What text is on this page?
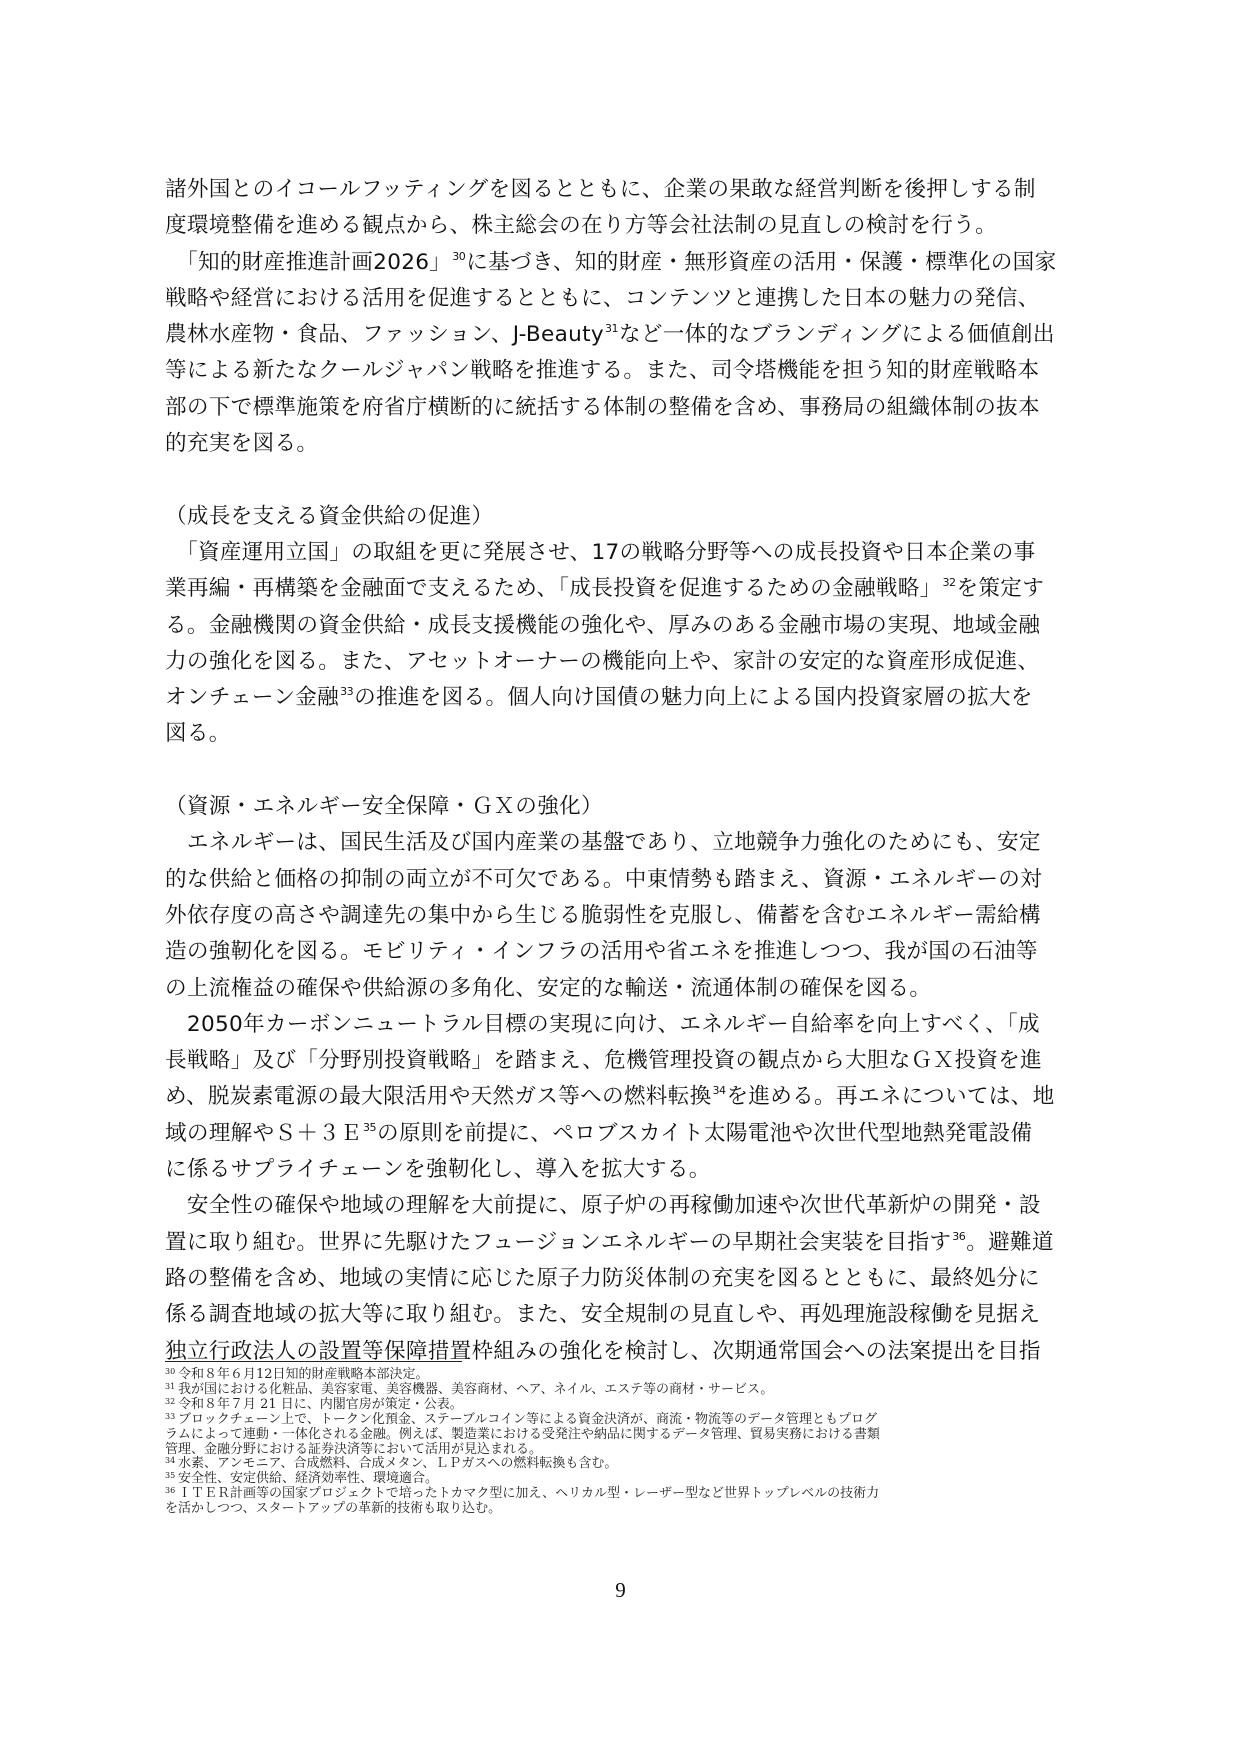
諸外国とのイコールフッティングを図るとともに、企業の果敢な経営判断を後押しする制
度環境整備を進める観点から、株主総会の在り方等会社法制の見直しの検討を行う。
　「知的財産推進計画2026」$^{30}$に基づき、知的財産・無形資産の活用・保護・標準化の国家
戦略や経営における活用を促進するとともに、コンテンツと連携した日本の魅力の発信、
農林水産物・食品、ファッション、J-Beauty$^{31}$など一体的なブランディングによる価値創出
等による新たなクールジャパン戦略を推進する。また、司令塔機能を担う知的財産戦略本
部の下で標準施策を府省庁横断的に統括する体制の整備を含め、事務局の組織体制の抜本
的充実を図る。
（成長を支える資金供給の促進）
　「資産運用立国」の取組を更に発展させ、17の戦略分野等への成長投資や日本企業の事
業再編・再構築を金融面で支えるため、「成長投資を促進するための金融戦略」$^{32}$を策定す
る。金融機関の資金供給・成長支援機能の強化や、厚みのある金融市場の実現、地域金融
力の強化を図る。また、アセットオーナーの機能向上や、家計の安定的な資産形成促進、
オンチェーン金融$^{33}$の推進を図る。個人向け国債の魅力向上による国内投資家層の拡大を
図る。
（資源・エネルギー安全保障・ＧＸの強化）
　エネルギーは、国民生活及び国内産業の基盤であり、立地競争力強化のためにも、安定
的な供給と価格の抑制の両立が不可欠である。中東情勢も踏まえ、資源・エネルギーの対
外依存度の高さや調達先の集中から生じる脆弱性を克服し、備蓄を含むエネルギー需給構
造の強靭化を図る。モビリティ・インフラの活用や省エネを推進しつつ、我が国の石油等
の上流権益の確保や供給源の多角化、安定的な輸送・流通体制の確保を図る。
　2050年カーボンニュートラル目標の実現に向け、エネルギー自給率を向上すべく、「成
長戦略」及び「分野別投資戦略」を踏まえ、危機管理投資の観点から大胆なＧＸ投資を進
め、脱炭素電源の最大限活用や天然ガス等への燃料転換$^{34}$を進める。再エネについては、地
域の理解やＳ＋３Ｅ$^{35}$の原則を前提に、ペロブスカイト太陽電池や次世代型地熱発電設備
に係るサプライチェーンを強靭化し、導入を拡大する。
　安全性の確保や地域の理解を大前提に、原子炉の再稼働加速や次世代革新炉の開発・設
置に取り組む。世界に先駆けたフュージョンエネルギーの早期社会実装を目指す$^{36}$。避難道
路の整備を含め、地域の実情に応じた原子力防災体制の充実を図るとともに、最終処分に
係る調査地域の拡大等に取り組む。また、安全規制の見直しや、再処理施設稼働を見据え
独立行政法人の設置等保障措置枠組みの強化を検討し、次期通常国会への法案提出を目指
30 令和８年６月12日知的財産戦略本部決定。
31 我が国における化粧品、美容家電、美容機器、美容商材、ヘア、ネイル、エステ等の商材・サービス。
32 令和８年７月 21 日に、内閣官房が策定・公表。
33 ブロックチェーン上で、トークン化預金、ステーブルコイン等による資金決済が、商流・物流等のデータ管理ともプログ
ラムによって連動・一体化される金融。例えば、製造業における受発注や納品に関するデータ管理、貿易実務における書類
管理、金融分野における証券決済等において活用が見込まれる。
34 水素、アンモニア、合成燃料、合成メタン、ＬＰガスへの燃料転換も含む。
35 安全性、安定供給、経済効率性、環境適合。
36 ＩＴＥＲ計画等の国家プロジェクトで培ったトカマク型に加え、ヘリカル型・レーザー型など世界トップレベルの技術力
を活かしつつ、スタートアップの革新的技術も取り込む。
9
